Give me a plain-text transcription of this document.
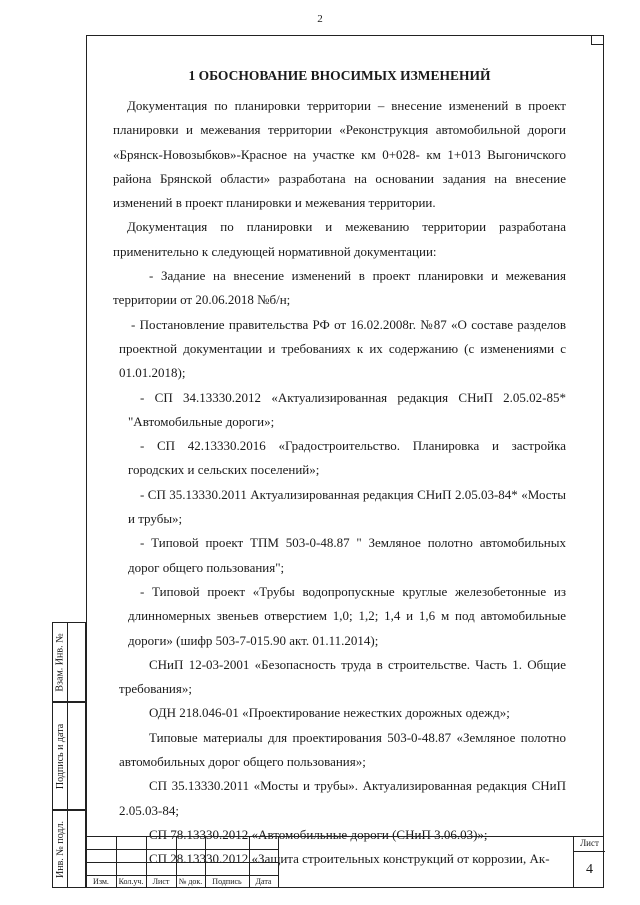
2
1 ОБОСНОВАНИЕ ВНОСИМЫХ ИЗМЕНЕНИЙ

Документация по планировки территории – внесение изменений в проект планировки и межевания территории «Реконструкция автомобильной дороги «Брянск-Новозыбков»-Красное на участке км 0+028- км 1+013 Выгоничского района Брянской области» разработана на основании задания на внесение изменений в проект планировки и межевания территории.

Документация по планировки и межеванию территории разработана применительно к следующей нормативной документации:

- Задание на внесение изменений в проект планировки и межевания территории от 20.06.2018 №б/н;

- Постановление правительства РФ от 16.02.2008г. №87 «О составе разделов проектной документации и требованиях к их содержанию (с изменениями с 01.01.2018);

- СП 34.13330.2012 «Актуализированная редакция СНиП 2.05.02-85* "Автомобильные дороги»;

- СП 42.13330.2016 «Градостроительство. Планировка и застройка городских и сельских поселений»;

- СП 35.13330.2011 Актуализированная редакция СНиП 2.05.03-84* «Мосты и трубы»;

- Типовой проект ТПМ 503-0-48.87 " Земляное полотно автомобильных дорог общего пользования";

- Типовой проект «Трубы водопропускные круглые железобетонные из длинномерных звеньев отверстием 1,0; 1,2; 1,4 и 1,6 м под автомобильные дороги» (шифр 503-7-015.90 акт. 01.11.2014);

СНиП 12-03-2001 «Безопасность труда в строительстве. Часть 1. Общие требования»;

ОДН 218.046-01 «Проектирование нежестких дорожных одежд»;

Типовые материалы для проектирования 503-0-48.87 «Земляное полотно автомобильных дорог общего пользования»;

СП 35.13330.2011 «Мосты и трубы». Актуализированная редакция СНиП 2.05.03-84;

СП 78.13330.2012 «Автомобильные дороги (СНиП 3.06.03)»;

СП 28.13330.2012 «Защита строительных конструкций от коррозии, Ак-

Взам. Инв. №
Подпись и дата
Инв. № подл.
Изм.	Кол.уч.	Лист	№ док.	Подпись	Дата
Лист
4
